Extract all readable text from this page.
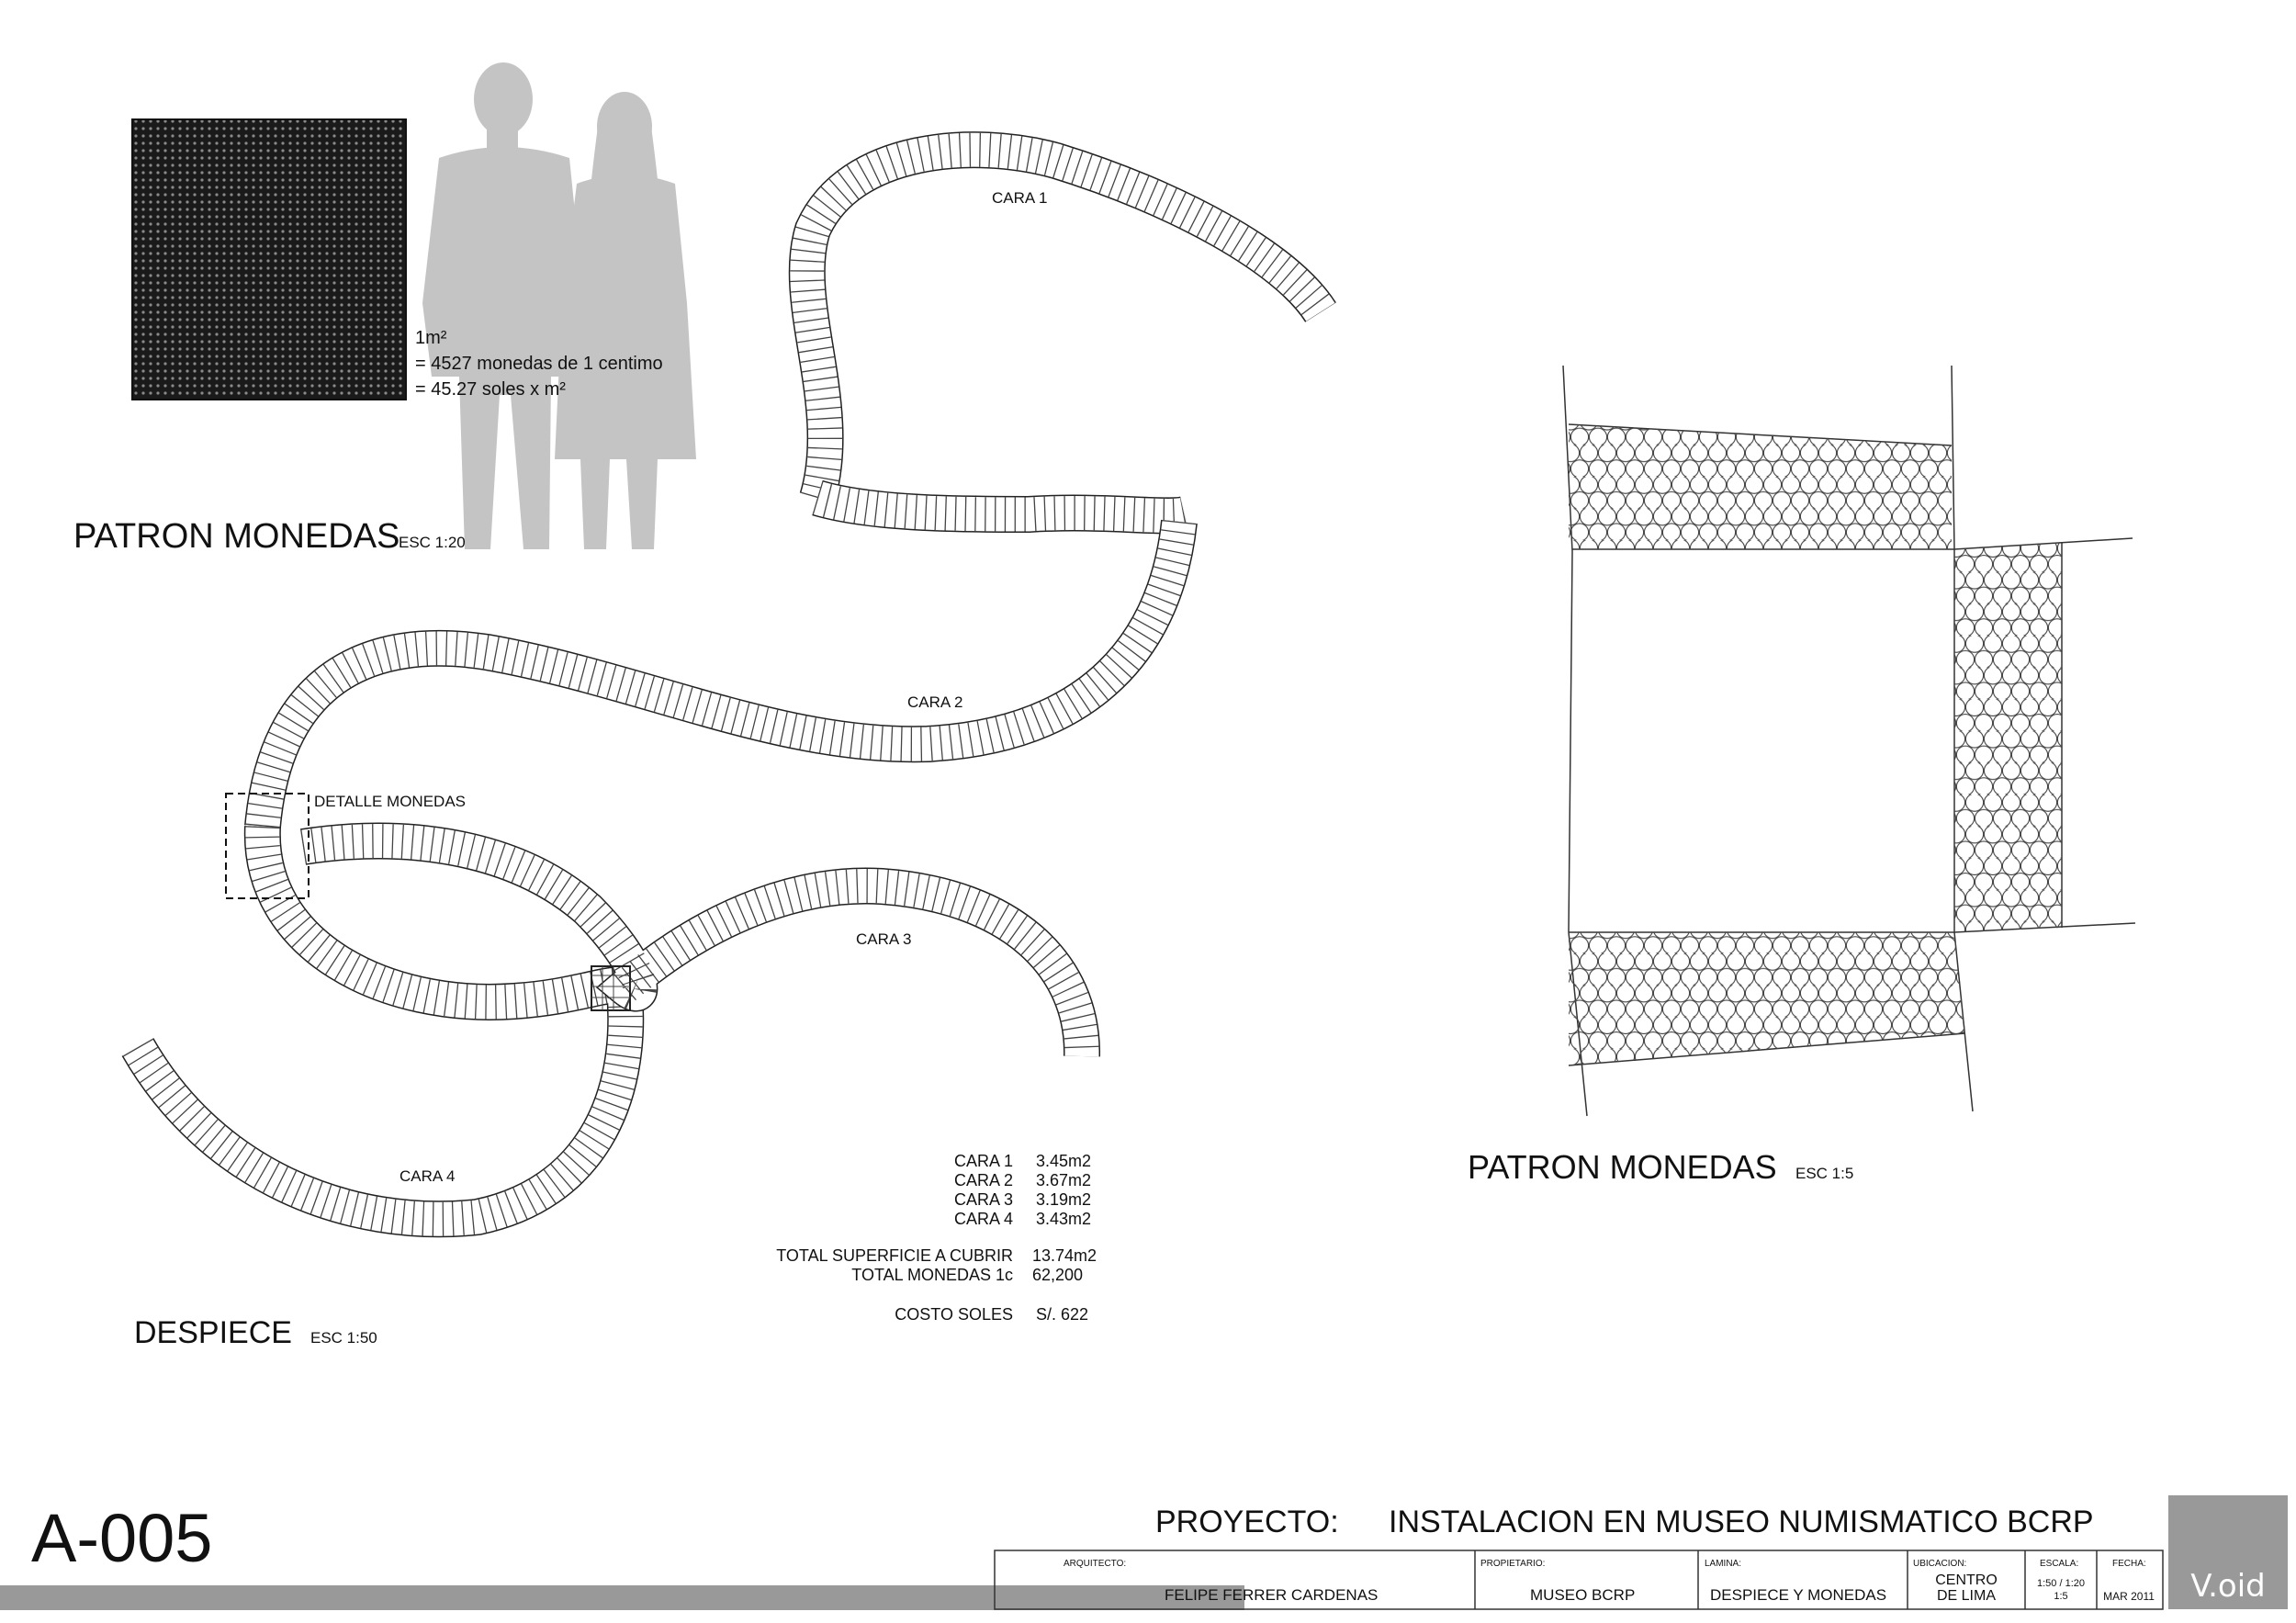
1m²
= 4527 monedas de 1 centimo
= 45.27 soles x m²
PATRON MONEDAS
ESC 1:20
DETALLE MONEDAS
CARA 1
CARA 2
CARA 3
CARA 4
DESPIECE ESC 1:50
CARA 1 3.45m2
CARA 2 3.67m2
CARA 3 3.19m2
CARA 4 3.43m2
TOTAL SUPERFICIE A CUBRIR 13.74m2
TOTAL MONEDAS 1c 62,200
COSTO SOLES S/. 622
PATRON MONEDAS ESC 1:5
A-005	PROYECTO: INSTALACION EN MUSEO NUMISMATICO BCRP
ARQUITECTO:
FELIPE FERRER CARDENAS
PROPIETARIO:
MUSEO BCRP
LAMINA:
DESPIECE Y MONEDAS
UBICACION:
CENTRO
DE LIMA
ESCALA:
1:50 / 1:20
1:5
FECHA:
MAR 2011 V.oid
